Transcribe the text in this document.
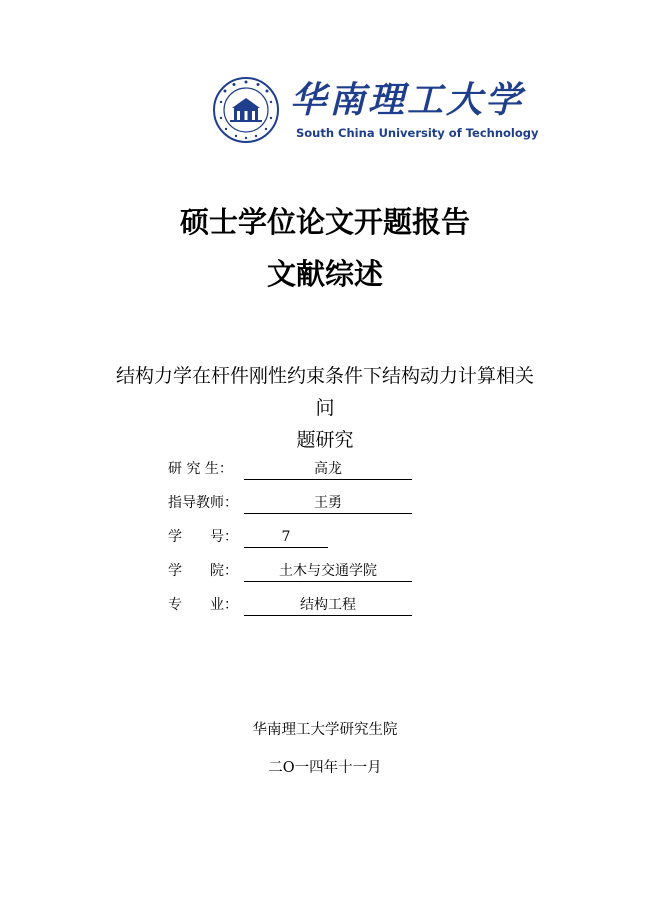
华南理工大学
South China University of Technology
硕士学位论文开题报告
文献综述
结构力学在杆件刚性约束条件下结构动力计算相关问
题研究
研 究 生：	高龙
指导教师：	王勇
学　　号：	7
学　　院：	土木与交通学院
专　　业：	结构工程
华南理工大学研究生院
二O一四年十一月
